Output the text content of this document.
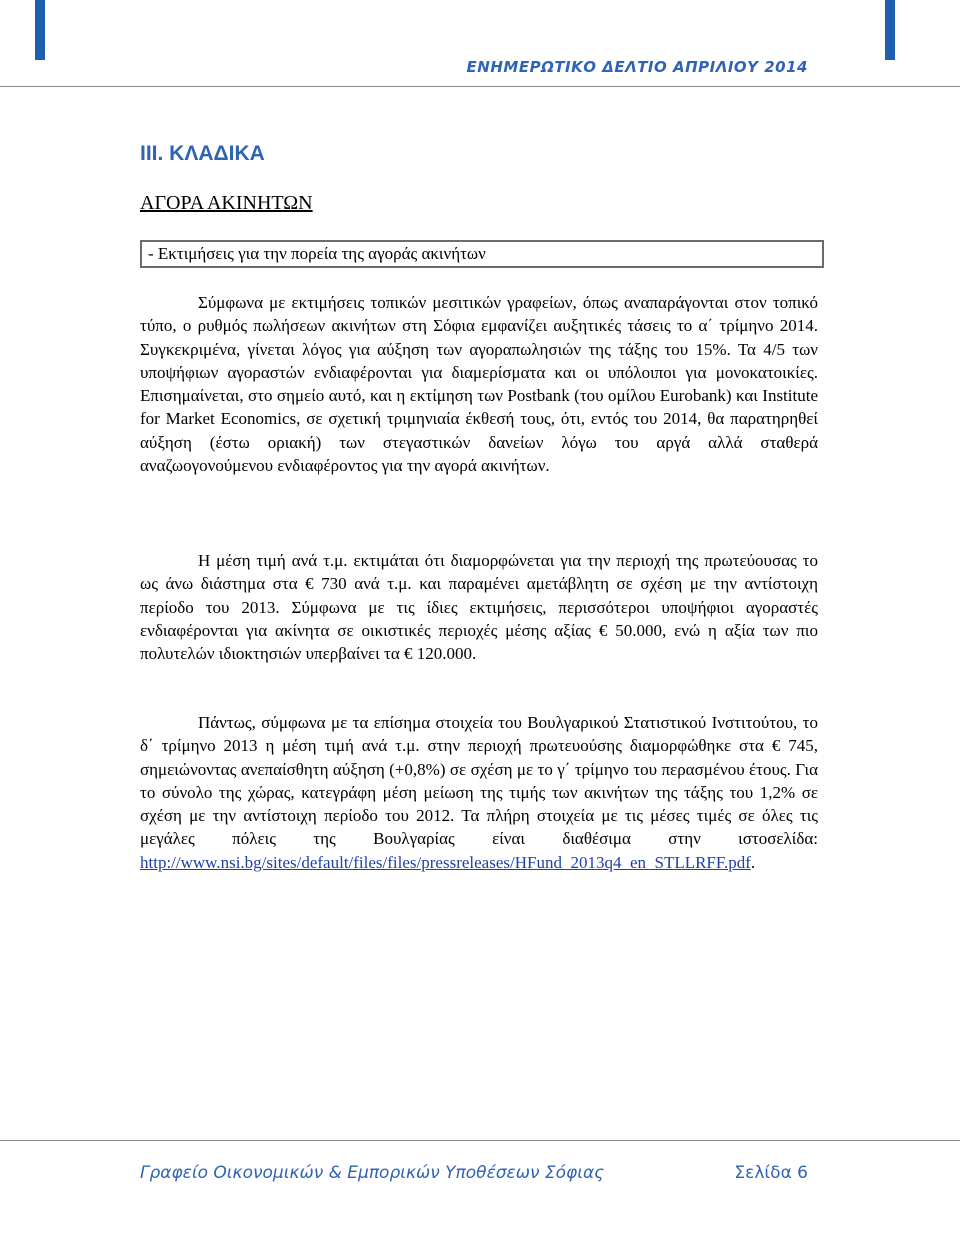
ΕΝΗΜΕΡΩΤΙΚΟ ΔΕΛΤΙΟ ΑΠΡΙΛΙΟΥ 2014
ΙΙΙ. ΚΛΑΔΙΚΑ
ΑΓΟΡΑ ΑΚΙΝΗΤΩΝ
- Εκτιμήσεις για την πορεία της αγοράς ακινήτων

Σύμφωνα με εκτιμήσεις τοπικών μεσιτικών γραφείων, όπως αναπαράγονται στον τοπικό τύπο, ο ρυθμός πωλήσεων ακινήτων στη Σόφια εμφανίζει αυξητικές τάσεις το α΄ τρίμηνο 2014. Συγκεκριμένα, γίνεται λόγος για αύξηση των αγοραπωλησιών της τάξης του 15%. Τα 4/5 των υποψήφιων αγοραστών ενδιαφέρονται για διαμερίσματα και οι υπόλοιποι για μονοκατοικίες. Επισημαίνεται, στο σημείο αυτό, και η εκτίμηση των Postbank (του ομίλου Eurobank) και Institute for Market Economics, σε σχετική τριμηνιαία έκθεσή τους, ότι, εντός του 2014, θα παρατηρηθεί αύξηση (έστω οριακή) των στεγαστικών δανείων λόγω του αργά αλλά σταθερά αναζωογονούμενου ενδιαφέροντος για την αγορά ακινήτων.

Η μέση τιμή ανά τ.μ. εκτιμάται ότι διαμορφώνεται για την περιοχή της πρωτεύουσας το ως άνω διάστημα στα € 730 ανά τ.μ. και παραμένει αμετάβλητη σε σχέση με την αντίστοιχη περίοδο του 2013. Σύμφωνα με τις ίδιες εκτιμήσεις, περισσότεροι υποψήφιοι αγοραστές ενδιαφέρονται για ακίνητα σε οικιστικές περιοχές μέσης αξίας € 50.000, ενώ η αξία των πιο πολυτελών ιδιοκτησιών υπερβαίνει τα € 120.000.

Πάντως, σύμφωνα με τα επίσημα στοιχεία του Βουλγαρικού Στατιστικού Ινστιτούτου, το δ΄ τρίμηνο 2013 η μέση τιμή ανά τ.μ. στην περιοχή πρωτευούσης διαμορφώθηκε στα € 745, σημειώνοντας ανεπαίσθητη αύξηση (+0,8%) σε σχέση με το γ΄ τρίμηνο του περασμένου έτους. Για το σύνολο της χώρας, κατεγράφη μέση μείωση της τιμής των ακινήτων της τάξης του 1,2% σε σχέση με την αντίστοιχη περίοδο του 2012. Τα πλήρη στοιχεία με τις μέσες τιμές σε όλες τις μεγάλες πόλεις της Βουλγαρίας είναι διαθέσιμα στην ιστοσελίδα: http://www.nsi.bg/sites/default/files/files/pressreleases/HFund_2013q4_en_STLLRFF.pdf.

Γραφείο Οικονομικών & Εμπορικών Υποθέσεων Σόφιας	Σελίδα 6
